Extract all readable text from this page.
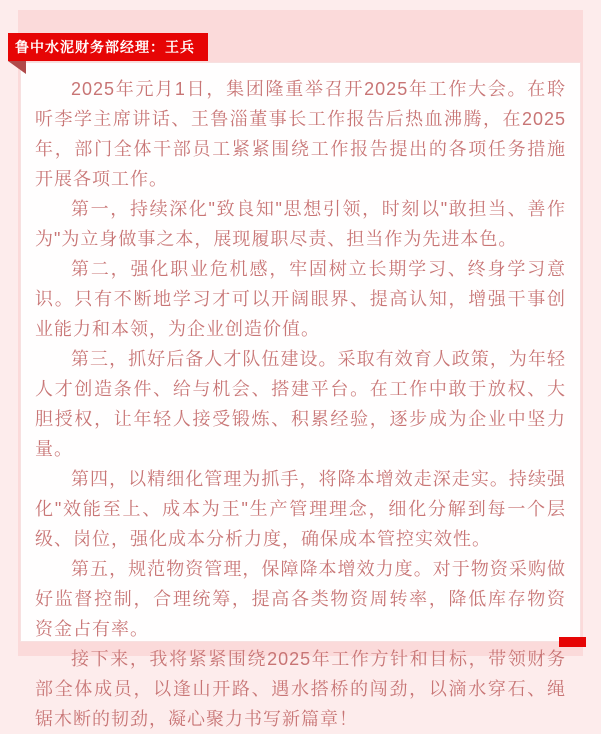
鲁中水泥财务部经理：王兵

2025年元月1日，集团隆重举召开2025年工作大会。在聆听李学主席讲话、王鲁淄董事长工作报告后热血沸腾，在2025年，部门全体干部员工紧紧围绕工作报告提出的各项任务措施开展各项工作。

第一，持续深化"致良知"思想引领，时刻以"敢担当、善作为"为立身做事之本，展现履职尽责、担当作为先进本色。

第二，强化职业危机感，牢固树立长期学习、终身学习意识。只有不断地学习才可以开阔眼界、提高认知，增强干事创业能力和本领，为企业创造价值。

第三，抓好后备人才队伍建设。采取有效育人政策，为年轻人才创造条件、给与机会、搭建平台。在工作中敢于放权、大胆授权，让年轻人接受锻炼、积累经验，逐步成为企业中坚力量。

第四，以精细化管理为抓手，将降本增效走深走实。持续强化"效能至上、成本为王"生产管理理念，细化分解到每一个层级、岗位，强化成本分析力度，确保成本管控实效性。

第五，规范物资管理，保障降本增效力度。对于物资采购做好监督控制，合理统筹，提高各类物资周转率，降低库存物资资金占有率。

接下来，我将紧紧围绕2025年工作方针和目标，带领财务部全体成员，以逢山开路、遇水搭桥的闯劲，以滴水穿石、绳锯木断的韧劲，凝心聚力书写新篇章！
